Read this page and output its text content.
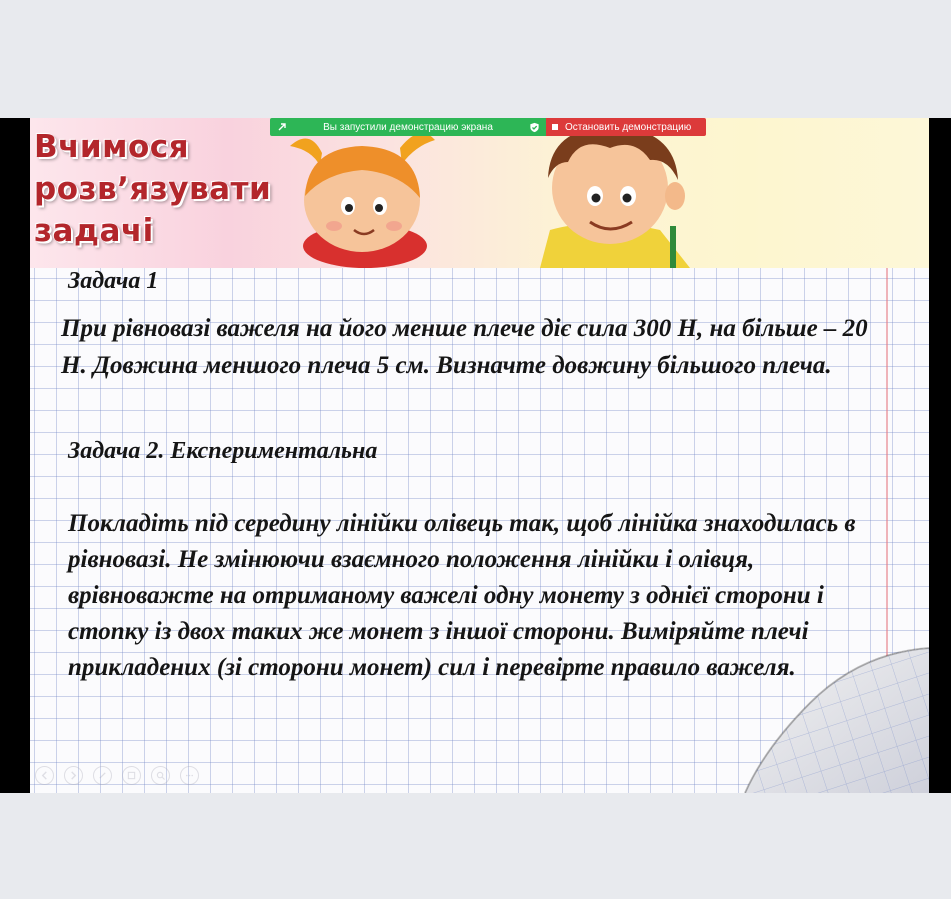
Вчимося
розв’язувати
задачі
Задача 1
При рівновазі важеля на його менше плече діє сила 300 Н, на більше – 20 Н. Довжина меншого плеча 5 см. Визначте довжину більшого плеча.
Задача 2. Експериментальна
Покладіть під середину лінійки олівець так, щоб лінійка знаходилась в рівновазі. Не змінюючи взаємного положення лінійки і олівця, врівноважте на отриманому важелі одну монету з однієї сторони і стопку із двох таких же монет з іншої сторони. Виміряйте плечі прикладених (зі сторони монет) сил і перевірте правило важеля.
Вы запустили демонстрацию экрана	Остановить демонстрацию
